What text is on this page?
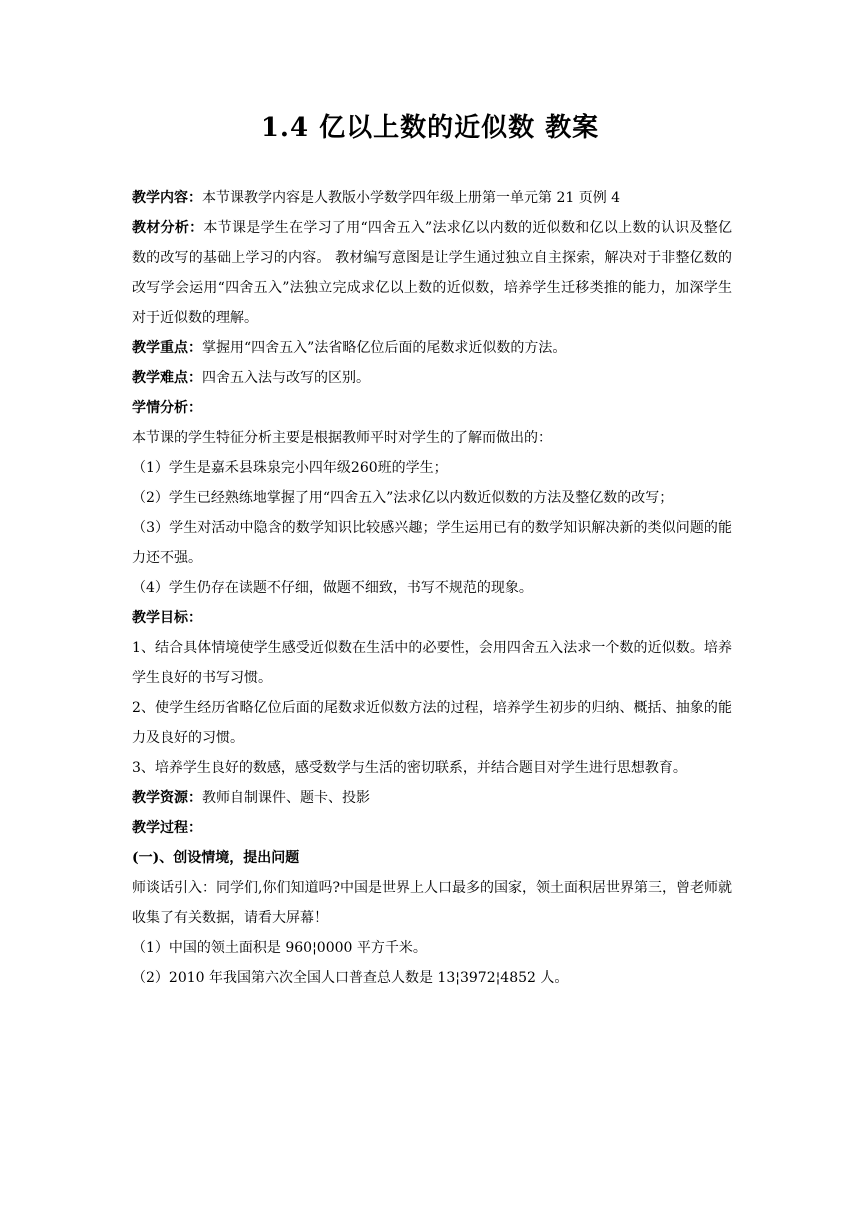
1.4 亿以上数的近似数 教案

教学内容：本节课教学内容是人教版小学数学四年级上册第一单元第 21 页例 4

教材分析：本节课是学生在学习了用“四舍五入”法求亿以内数的近似数和亿以上数的认识及整亿数的改写的基础上学习的内容。 教材编写意图是让学生通过独立自主探索，解决对于非整亿数的改写学会运用“四舍五入”法独立完成求亿以上数的近似数，培养学生迁移类推的能力，加深学生对于近似数的理解。

教学重点：掌握用“四舍五入”法省略亿位后面的尾数求近似数的方法。

教学难点：四舍五入法与改写的区别。

学情分析：

本节课的学生特征分析主要是根据教师平时对学生的了解而做出的：

（1）学生是嘉禾县珠泉完小四年级260班的学生；

（2）学生已经熟练地掌握了用“四舍五入”法求亿以内数近似数的方法及整亿数的改写；

（3）学生对活动中隐含的数学知识比较感兴趣；学生运用已有的数学知识解决新的类似问题的能力还不强。

（4）学生仍存在读题不仔细，做题不细致，书写不规范的现象。

教学目标：

1、结合具体情境使学生感受近似数在生活中的必要性，会用四舍五入法求一个数的近似数。培养学生良好的书写习惯。

2、使学生经历省略亿位后面的尾数求近似数方法的过程，培养学生初步的归纳、概括、抽象的能力及良好的习惯。

3、培养学生良好的数感，感受数学与生活的密切联系，并结合题目对学生进行思想教育。

教学资源：教师自制课件、题卡、投影

教学过程：

(一)、创设情境，提出问题

师谈话引入：同学们,你们知道吗?中国是世界上人口最多的国家，领土面积居世界第三，曾老师就收集了有关数据，请看大屏幕！

（1）中国的领土面积是 960¦0000 平方千米。

（2）2010 年我国第六次全国人口普查总人数是 13¦3972¦4852 人。
